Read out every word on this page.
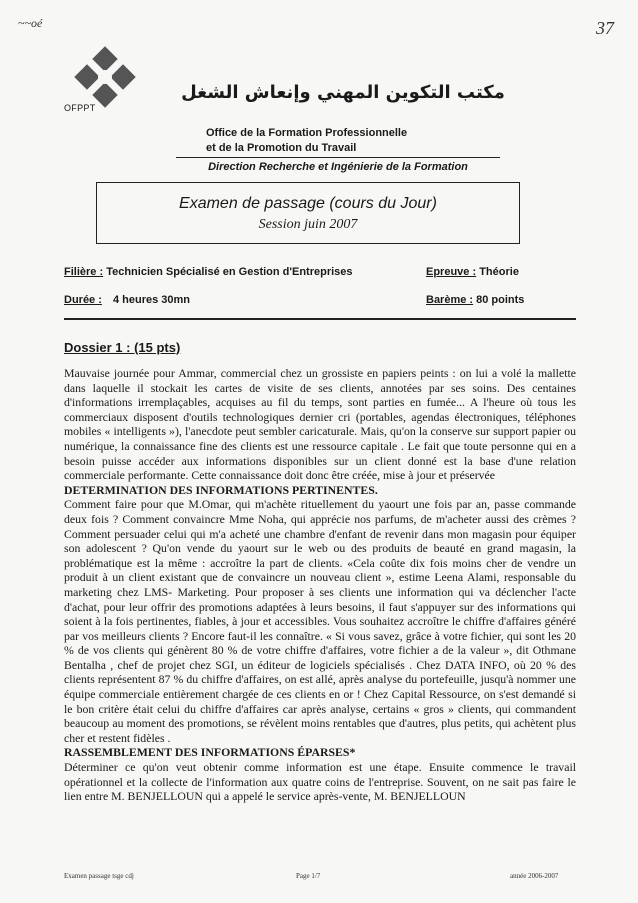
~~oé	37
OFPPT
مكتب التكوين المهني وإنعاش الشغل
Office de la Formation Professionnelle
et de la Promotion du Travail
Direction Recherche et Ingénierie de la Formation
Examen de passage (cours du Jour)
Session juin 2007
Filière : Technicien Spécialisé en Gestion d'Entreprises	Epreuve : Théorie
Durée : 4 heures 30mn	Barème : 80 points
Dossier 1 : (15 pts)

Mauvaise journée pour Ammar, commercial chez un grossiste en papiers peints : on lui a volé la mallette dans laquelle il stockait les cartes de visite de ses clients, annotées par ses soins. Des centaines d'informations irremplaçables, acquises au fil du temps, sont parties en fumée... A l'heure où tous les commerciaux disposent d'outils technologiques dernier cri (portables, agendas électroniques, téléphones mobiles « intelligents »), l'anecdote peut sembler caricaturale. Mais, qu'on la conserve sur support papier ou numérique, la connaissance fine des clients est une ressource capitale . Le fait que toute personne qui en a besoin puisse accéder aux informations disponibles sur un client donné est la base d'une relation commerciale performante. Cette connaissance doit donc être créée, mise à jour et préservée

DETERMINATION DES INFORMATIONS PERTINENTES.

Comment faire pour que M.Omar, qui m'achète rituellement du yaourt une fois par an, passe commande deux fois ? Comment convaincre Mme Noha, qui apprécie nos parfums, de m'acheter aussi des crèmes ? Comment persuader celui qui m'a acheté une chambre d'enfant de revenir dans mon magasin pour équiper son adolescent ? Qu'on vende du yaourt sur le web ou des produits de beauté en grand magasin, la problématique est la même : accroître la part de clients. «Cela coûte dix fois moins cher de vendre un produit à un client existant que de convaincre un nouveau client », estime Leena Alami, responsable du marketing chez LMS- Marketing. Pour proposer à ses clients une information qui va déclencher l'acte d'achat, pour leur offrir des promotions adaptées à leurs besoins, il faut s'appuyer sur des informations qui soient à la fois pertinentes, fiables, à jour et accessibles. Vous souhaitez accroître le chiffre d'affaires généré par vos meilleurs clients ? Encore faut-il les connaître. « Si vous savez, grâce à votre fichier, qui sont les 20 % de vos clients qui génèrent 80 % de votre chiffre d'affaires, votre fichier a de la valeur », dit Othmane Bentalha , chef de projet chez SGI, un éditeur de logiciels spécialisés . Chez DATA INFO, où 20 % des clients représentent 87 % du chiffre d'affaires, on est allé, après analyse du portefeuille, jusqu'à nommer une équipe commerciale entièrement chargée de ces clients en or ! Chez Capital Ressource, on s'est demandé si le bon critère était celui du chiffre d'affaires car après analyse, certains « gros » clients, qui commandent beaucoup au moment des promotions, se révèlent moins rentables que d'autres, plus petits, qui achètent plus cher et restent fidèles .

RASSEMBLEMENT DES INFORMATIONS ÉPARSES*

Déterminer ce qu'on veut obtenir comme information est une étape. Ensuite commence le travail opérationnel et la collecte de l'information aux quatre coins de l'entreprise. Souvent, on ne sait pas faire le lien entre M. BENJELLOUN qui a appelé le service après-vente, M. BENJELLOUN

Examen passage tsge cdj	Page 1/7	année 2006-2007
